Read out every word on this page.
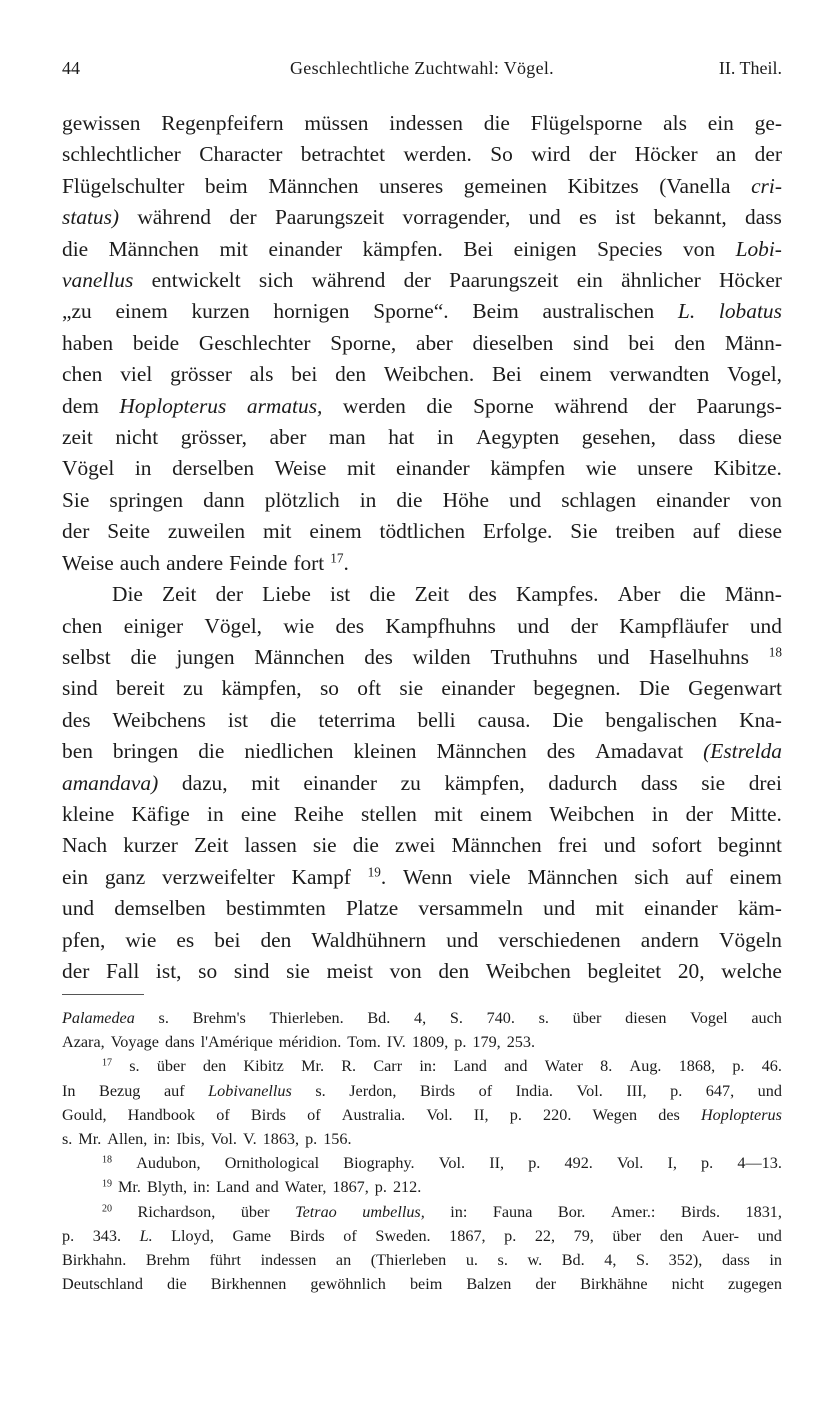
44	Geschlechtliche Zuchtwahl: Vögel.	II. Theil.
gewissen Regenpfeifern müssen indessen die Flügelsporne als ein ge-
schlechtlicher Character betrachtet werden. So wird der Höcker an der
Flügelschulter beim Männchen unseres gemeinen Kibitzes (Vanella cri-
status) während der Paarungszeit vorragender, und es ist bekannt, dass
die Männchen mit einander kämpfen. Bei einigen Species von Lobi-
vanellus entwickelt sich während der Paarungszeit ein ähnlicher Höcker
„zu einem kurzen hornigen Sporne“. Beim australischen L. lobatus
haben beide Geschlechter Sporne, aber dieselben sind bei den Männ-
chen viel grösser als bei den Weibchen. Bei einem verwandten Vogel,
dem Hoplopterus armatus, werden die Sporne während der Paarungs-
zeit nicht grösser, aber man hat in Aegypten gesehen, dass diese
Vögel in derselben Weise mit einander kämpfen wie unsere Kibitze.
Sie springen dann plötzlich in die Höhe und schlagen einander von
der Seite zuweilen mit einem tödtlichen Erfolge. Sie treiben auf diese
Weise auch andere Feinde fort $^{17}$.
Die Zeit der Liebe ist die Zeit des Kampfes. Aber die Männ-
chen einiger Vögel, wie des Kampfhuhns und der Kampfläufer und
selbst die jungen Männchen des wilden Truthuhns und Haselhuhns $^{18}$
sind bereit zu kämpfen, so oft sie einander begegnen. Die Gegenwart
des Weibchens ist die teterrima belli causa. Die bengalischen Kna-
ben bringen die niedlichen kleinen Männchen des Amadavat (Estrelda
amandava) dazu, mit einander zu kämpfen, dadurch dass sie drei
kleine Käfige in eine Reihe stellen mit einem Weibchen in der Mitte.
Nach kurzer Zeit lassen sie die zwei Männchen frei und sofort beginnt
ein ganz verzweifelter Kampf $^{19}$. Wenn viele Männchen sich auf einem
und demselben bestimmten Platze versammeln und mit einander käm-
pfen, wie es bei den Waldhühnern und verschiedenen andern Vögeln
der Fall ist, so sind sie meist von den Weibchen begleitet 20, welche
Palamedea s. Brehm's Thierleben. Bd. 4, S. 740. s. über diesen Vogel auch
Azara, Voyage dans l'Amérique méridion. Tom. IV. 1809, p. 179, 253.
$^{17}$ s. über den Kibitz Mr. R. Carr in: Land and Water 8. Aug. 1868, p. 46.
In Bezug auf Lobivanellus s. Jerdon, Birds of India. Vol. III, p. 647, und
Gould, Handbook of Birds of Australia. Vol. II, p. 220. Wegen des Hoplopterus
s. Mr. Allen, in: Ibis, Vol. V. 1863, p. 156.
$^{18}$ Audubon, Ornithological Biography. Vol. II, p. 492. Vol. I, p. 4—13.
$^{19}$ Mr. Blyth, in: Land and Water, 1867, p. 212.
$^{20}$ Richardson, über Tetrao umbellus, in: Fauna Bor. Amer.: Birds. 1831,
p. 343. L. Lloyd, Game Birds of Sweden. 1867, p. 22, 79, über den Auer- und
Birkhahn. Brehm führt indessen an (Thierleben u. s. w. Bd. 4, S. 352), dass in
Deutschland die Birkhennen gewöhnlich beim Balzen der Birkhähne nicht zugegen
